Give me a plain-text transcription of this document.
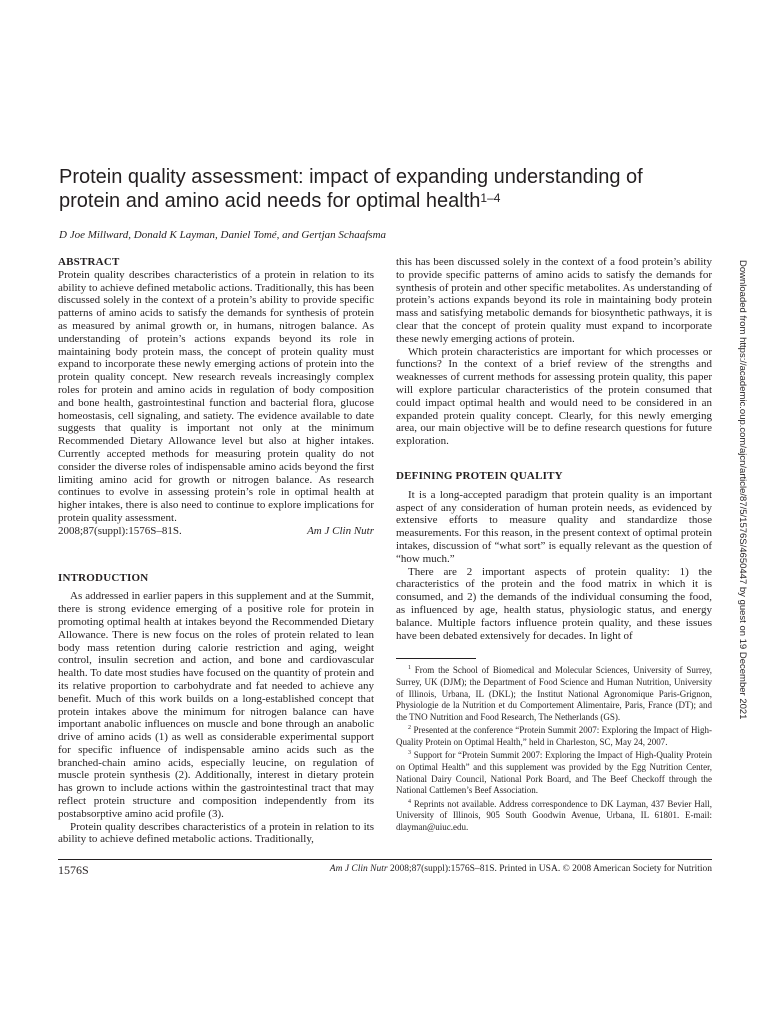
Protein quality assessment: impact of expanding understanding of protein and amino acid needs for optimal health$^{1-4}$
D Joe Millward, Donald K Layman, Daniel Tomé, and Gertjan Schaafsma
ABSTRACT

Protein quality describes characteristics of a protein in relation to its ability to achieve defined metabolic actions. Traditionally, this has been discussed solely in the context of a protein’s ability to provide specific patterns of amino acids to satisfy the demands for synthesis of protein as measured by animal growth or, in humans, nitrogen balance. As understanding of protein’s actions expands beyond its role in maintaining body protein mass, the concept of protein quality must expand to incorporate these newly emerging actions of protein into the protein quality concept. New research reveals increasingly complex roles for protein and amino acids in regulation of body composition and bone health, gastrointestinal function and bacterial flora, glucose homeostasis, cell signaling, and satiety. The evidence available to date suggests that quality is important not only at the minimum Recommended Dietary Allowance level but also at higher intakes. Currently accepted methods for measuring protein quality do not consider the diverse roles of indispensable amino acids beyond the first limiting amino acid for growth or nitrogen balance. As research continues to evolve in assessing protein’s role in optimal health at higher intakes, there is also need to continue to explore implications for protein quality assessment.

Am J Clin Nutr

2008;87(suppl):1576S–81S.

INTRODUCTION

As addressed in earlier papers in this supplement and at the Summit, there is strong evidence emerging of a positive role for protein in promoting optimal health at intakes beyond the Recommended Dietary Allowance. There is new focus on the roles of protein related to lean body mass retention during calorie restriction and aging, weight control, insulin secretion and action, and bone and cardiovascular health. To date most studies have focused on the quantity of protein and its relative proportion to carbohydrate and fat needed to achieve any benefit. Much of this work builds on a long-established concept that protein intakes above the minimum for nitrogen balance can have important anabolic influences on muscle and bone through an anabolic drive of amino acids (1) as well as considerable experimental support for specific influence of indispensable amino acids such as the branched-chain amino acids, especially leucine, on regulation of muscle protein synthesis (2). Additionally, interest in dietary protein has grown to include actions within the gastrointestinal tract that may reflect protein structure and composition independently from its postabsorptive amino acid profile (3).

Protein quality describes characteristics of a protein in relation to its ability to achieve defined metabolic actions. Traditionally,

this has been discussed solely in the context of a food protein’s ability to provide specific patterns of amino acids to satisfy the demands for synthesis of protein and other specific metabolites. As understanding of protein’s actions expands beyond its role in maintaining body protein mass and satisfying metabolic demands for biosynthetic pathways, it is clear that the concept of protein quality must expand to incorporate these newly emerging actions of protein.

Which protein characteristics are important for which processes or functions? In the context of a brief review of the strengths and weaknesses of current methods for assessing protein quality, this paper will explore particular characteristics of the protein consumed that could impact optimal health and would need to be considered in an expanded protein quality concept. Clearly, for this newly emerging area, our main objective will be to define research questions for future exploration.

DEFINING PROTEIN QUALITY

It is a long-accepted paradigm that protein quality is an important aspect of any consideration of human protein needs, as evidenced by extensive efforts to measure quality and standardize those measurements. For this reason, in the present context of optimal protein intakes, discussion of “what sort” is equally relevant as the question of “how much.”

There are 2 important aspects of protein quality: 1) the characteristics of the protein and the food matrix in which it is consumed, and 2) the demands of the individual consuming the food, as influenced by age, health status, physiologic status, and energy balance. Multiple factors influence protein quality, and these issues have been debated extensively for decades. In light of

$^1$ From the School of Biomedical and Molecular Sciences, University of Surrey, Surrey, UK (DJM); the Department of Food Science and Human Nutrition, University of Illinois, Urbana, IL (DKL); the Institut National Agronomique Paris-Grignon, Physiologie de la Nutrition et du Comportement Alimentaire, Paris, France (DT); and the TNO Nutrition and Food Research, The Netherlands (GS).

$^2$ Presented at the conference “Protein Summit 2007: Exploring the Impact of High-Quality Protein on Optimal Health,” held in Charleston, SC, May 24, 2007.

$^3$ Support for “Protein Summit 2007: Exploring the Impact of High-Quality Protein on Optimal Health” and this supplement was provided by the Egg Nutrition Center, National Dairy Council, National Pork Board, and The Beef Checkoff through the National Cattlemen’s Beef Association.

$^4$ Reprints not available. Address correspondence to DK Layman, 437 Bevier Hall, University of Illinois, 905 South Goodwin Avenue, Urbana, IL 61801. E-mail: dlayman@uiuc.edu.

1576S	Am J Clin Nutr 2008;87(suppl):1576S–81S. Printed in USA. © 2008 American Society for Nutrition
Downloaded from https://academic.oup.com/ajcn/article/87/5/1576S/4650447 by guest on 19 December 2021
